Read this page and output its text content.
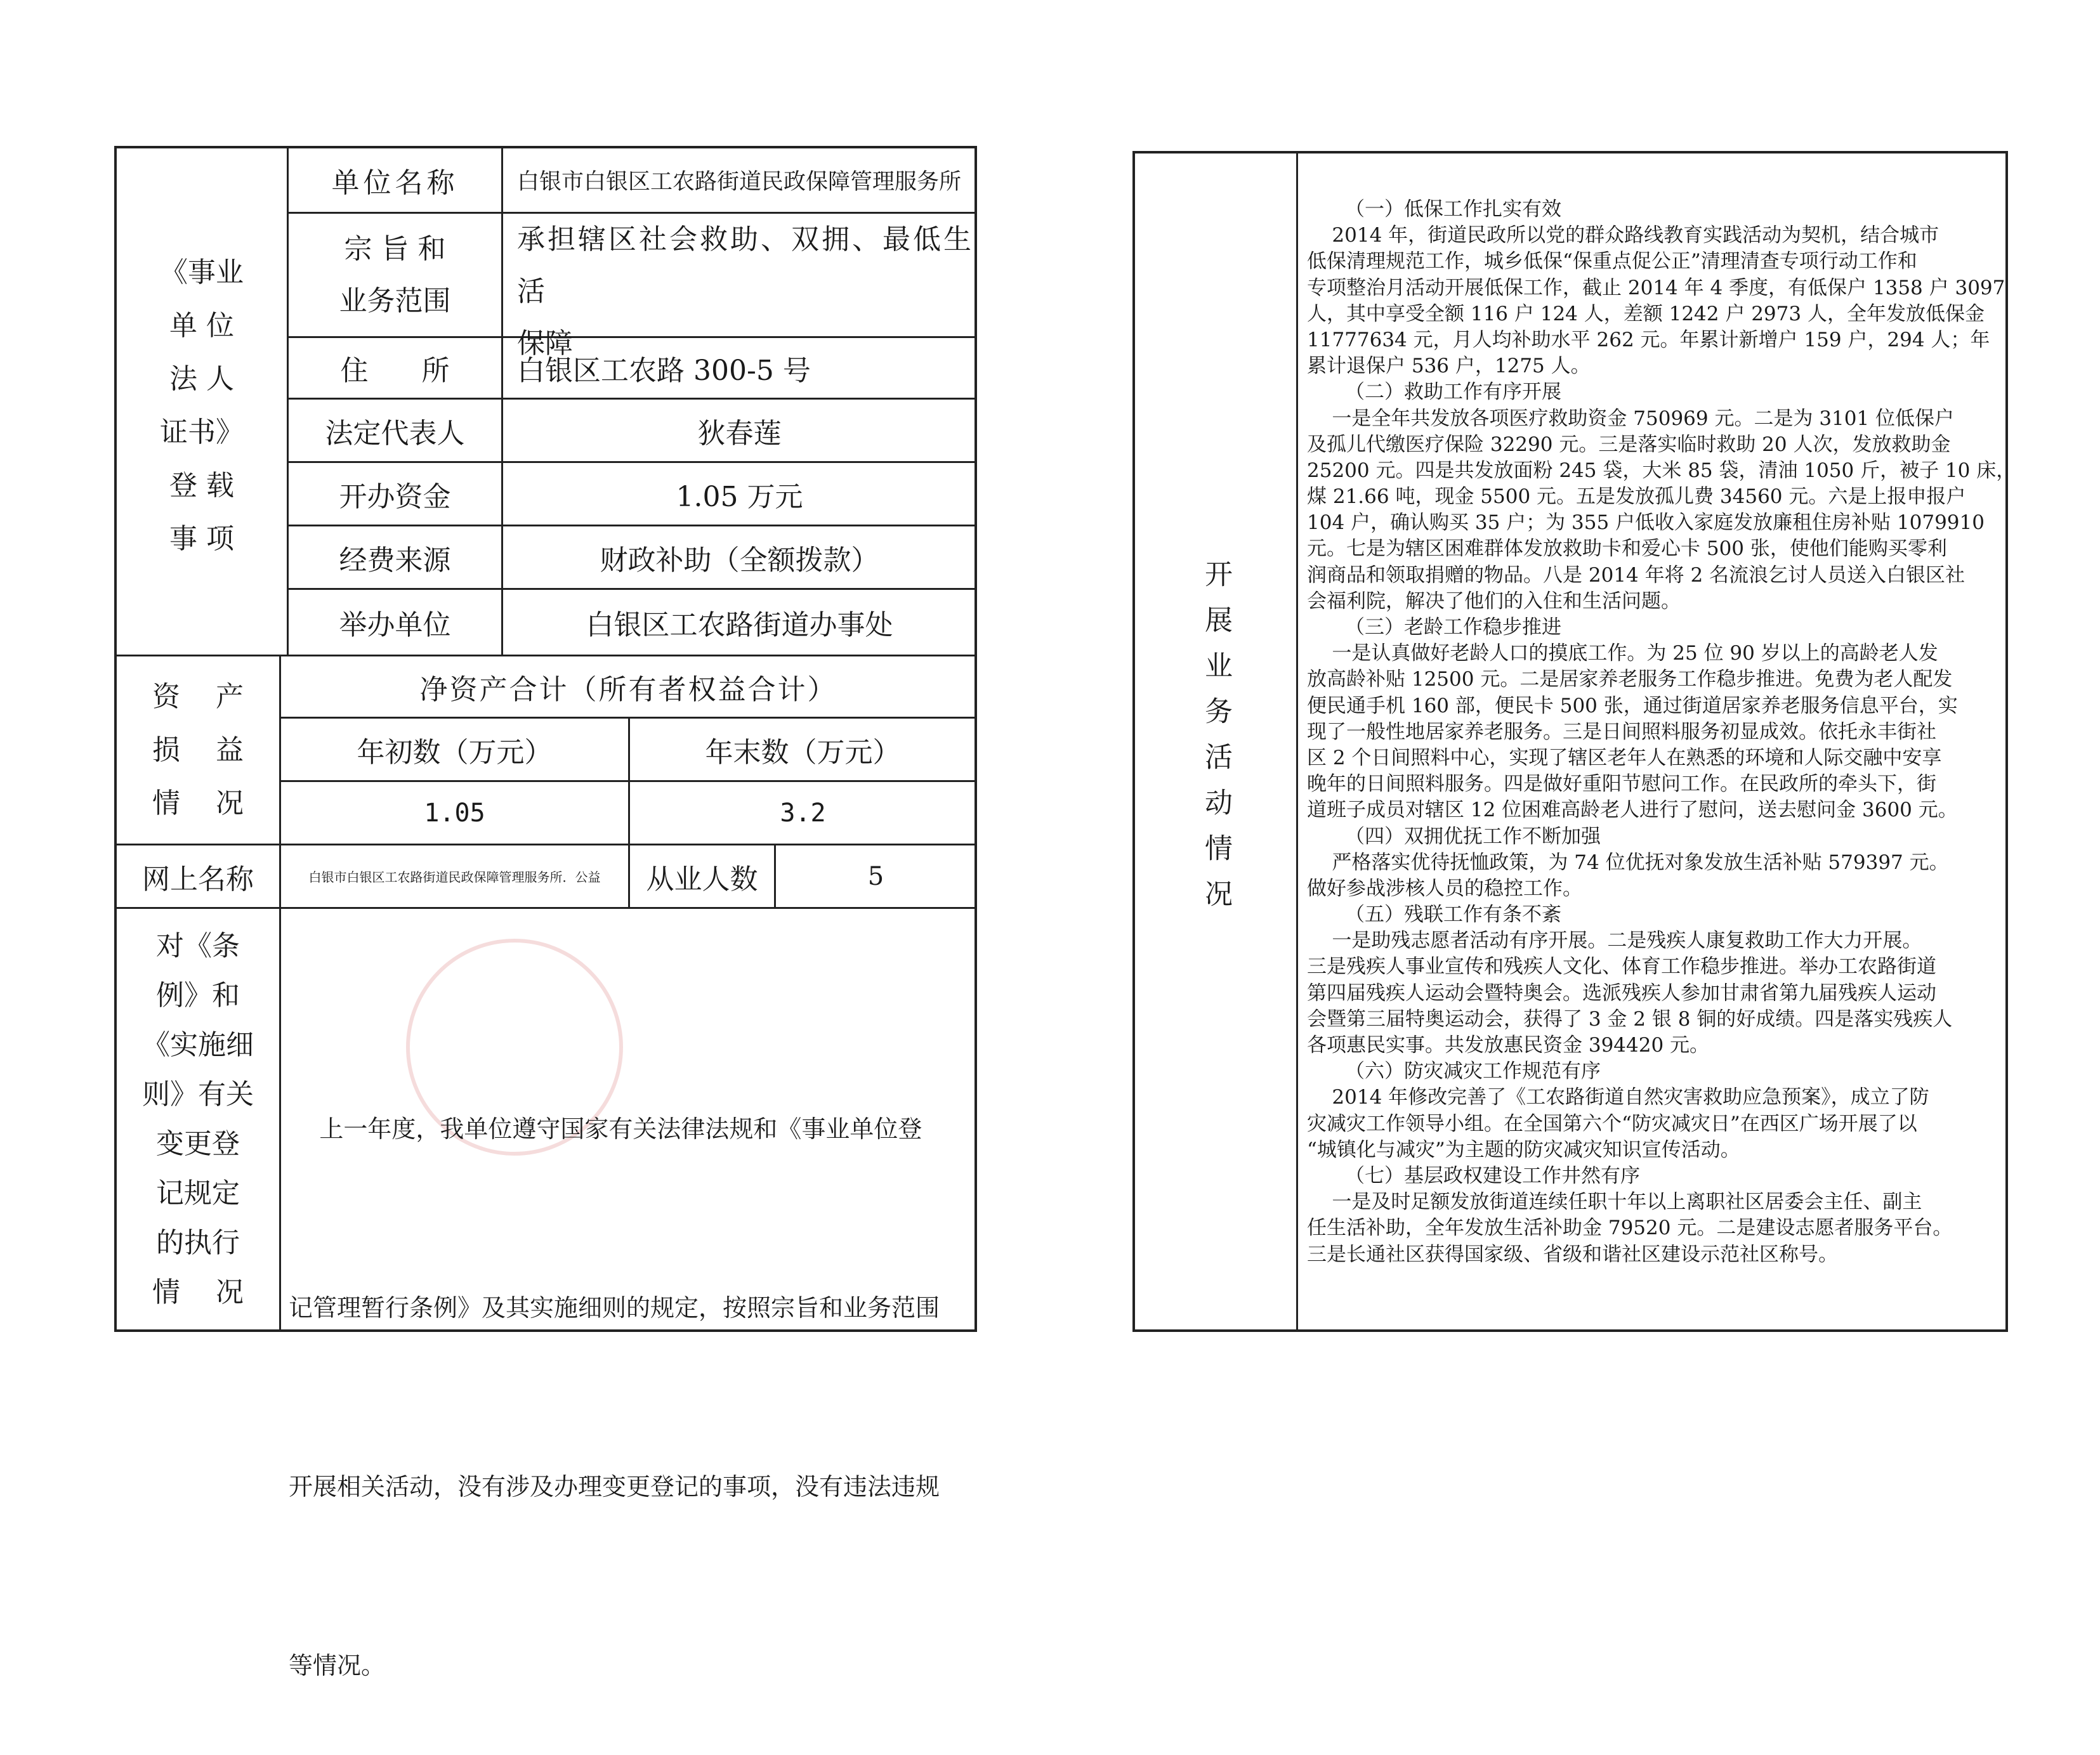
《事业
单 位
法 人
证书》
登 载
事 项
单位名称	白银市白银区工农路街道民政保障管理服务所
宗 旨 和
业务范围
承担辖区社会救助、双拥、最低生活
保障
住      所	白银区工农路 300-5 号
法定代表人	狄春莲
开办资金	1.05 万元
经费来源	财政补助（全额拨款）
举办单位	白银区工农路街道办事处
资    产
损    益
情    况
净资产合计（所有者权益合计）
年初数（万元）	年末数（万元）
1.05	3.2
网上名称	白银市白银区工农路街道民政保障管理服务所．公益	从业人数	5
对《条
例》和
《实施细
则》有关
变更登
记规定
的执行
情    况

上一年度，我单位遵守国家有关法律法规和《事业单位登

记管理暂行条例》及其实施细则的规定，按照宗旨和业务范围

开展相关活动，没有涉及办理变更登记的事项，没有违法违规

等情况。

开展业务活动情况
（一）低保工作扎实有效
2014 年，街道民政所以党的群众路线教育实践活动为契机，结合城市
低保清理规范工作，城乡低保“保重点促公正”清理清查专项行动工作和
专项整治月活动开展低保工作，截止 2014 年 4 季度，有低保户 1358 户 3097
人，其中享受全额 116 户 124 人，差额 1242 户 2973 人，全年发放低保金
11777634 元，月人均补助水平 262 元。年累计新增户 159 户，294 人；年
累计退保户 536 户，1275 人。
（二）救助工作有序开展
一是全年共发放各项医疗救助资金 750969 元。二是为 3101 位低保户
及孤儿代缴医疗保险 32290 元。三是落实临时救助 20 人次，发放救助金
25200 元。四是共发放面粉 245 袋，大米 85 袋，清油 1050 斤，被子 10 床，
煤 21.66 吨，现金 5500 元。五是发放孤儿费 34560 元。六是上报申报户
104 户，确认购买 35 户；为 355 户低收入家庭发放廉租住房补贴 1079910
元。七是为辖区困难群体发放救助卡和爱心卡 500 张，使他们能购买零利
润商品和领取捐赠的物品。八是 2014 年将 2 名流浪乞讨人员送入白银区社
会福利院，解决了他们的入住和生活问题。
（三）老龄工作稳步推进
一是认真做好老龄人口的摸底工作。为 25 位 90 岁以上的高龄老人发
放高龄补贴 12500 元。二是居家养老服务工作稳步推进。免费为老人配发
便民通手机 160 部，便民卡 500 张，通过街道居家养老服务信息平台，实
现了一般性地居家养老服务。三是日间照料服务初显成效。依托永丰街社
区 2 个日间照料中心，实现了辖区老年人在熟悉的环境和人际交融中安享
晚年的日间照料服务。四是做好重阳节慰问工作。在民政所的牵头下，街
道班子成员对辖区 12 位困难高龄老人进行了慰问，送去慰问金 3600 元。
（四）双拥优抚工作不断加强
严格落实优待抚恤政策，为 74 位优抚对象发放生活补贴 579397 元。
做好参战涉核人员的稳控工作。
（五）残联工作有条不紊
一是助残志愿者活动有序开展。二是残疾人康复救助工作大力开展。
三是残疾人事业宣传和残疾人文化、体育工作稳步推进。举办工农路街道
第四届残疾人运动会暨特奥会。选派残疾人参加甘肃省第九届残疾人运动
会暨第三届特奥运动会，获得了 3 金 2 银 8 铜的好成绩。四是落实残疾人
各项惠民实事。共发放惠民资金 394420 元。
（六）防灾减灾工作规范有序
2014 年修改完善了《工农路街道自然灾害救助应急预案》，成立了防
灾减灾工作领导小组。在全国第六个“防灾减灾日”在西区广场开展了以
“城镇化与减灾”为主题的防灾减灾知识宣传活动。
（七）基层政权建设工作井然有序
一是及时足额发放街道连续任职十年以上离职社区居委会主任、副主
任生活补助，全年发放生活补助金 79520 元。二是建设志愿者服务平台。
三是长通社区获得国家级、省级和谐社区建设示范社区称号。
